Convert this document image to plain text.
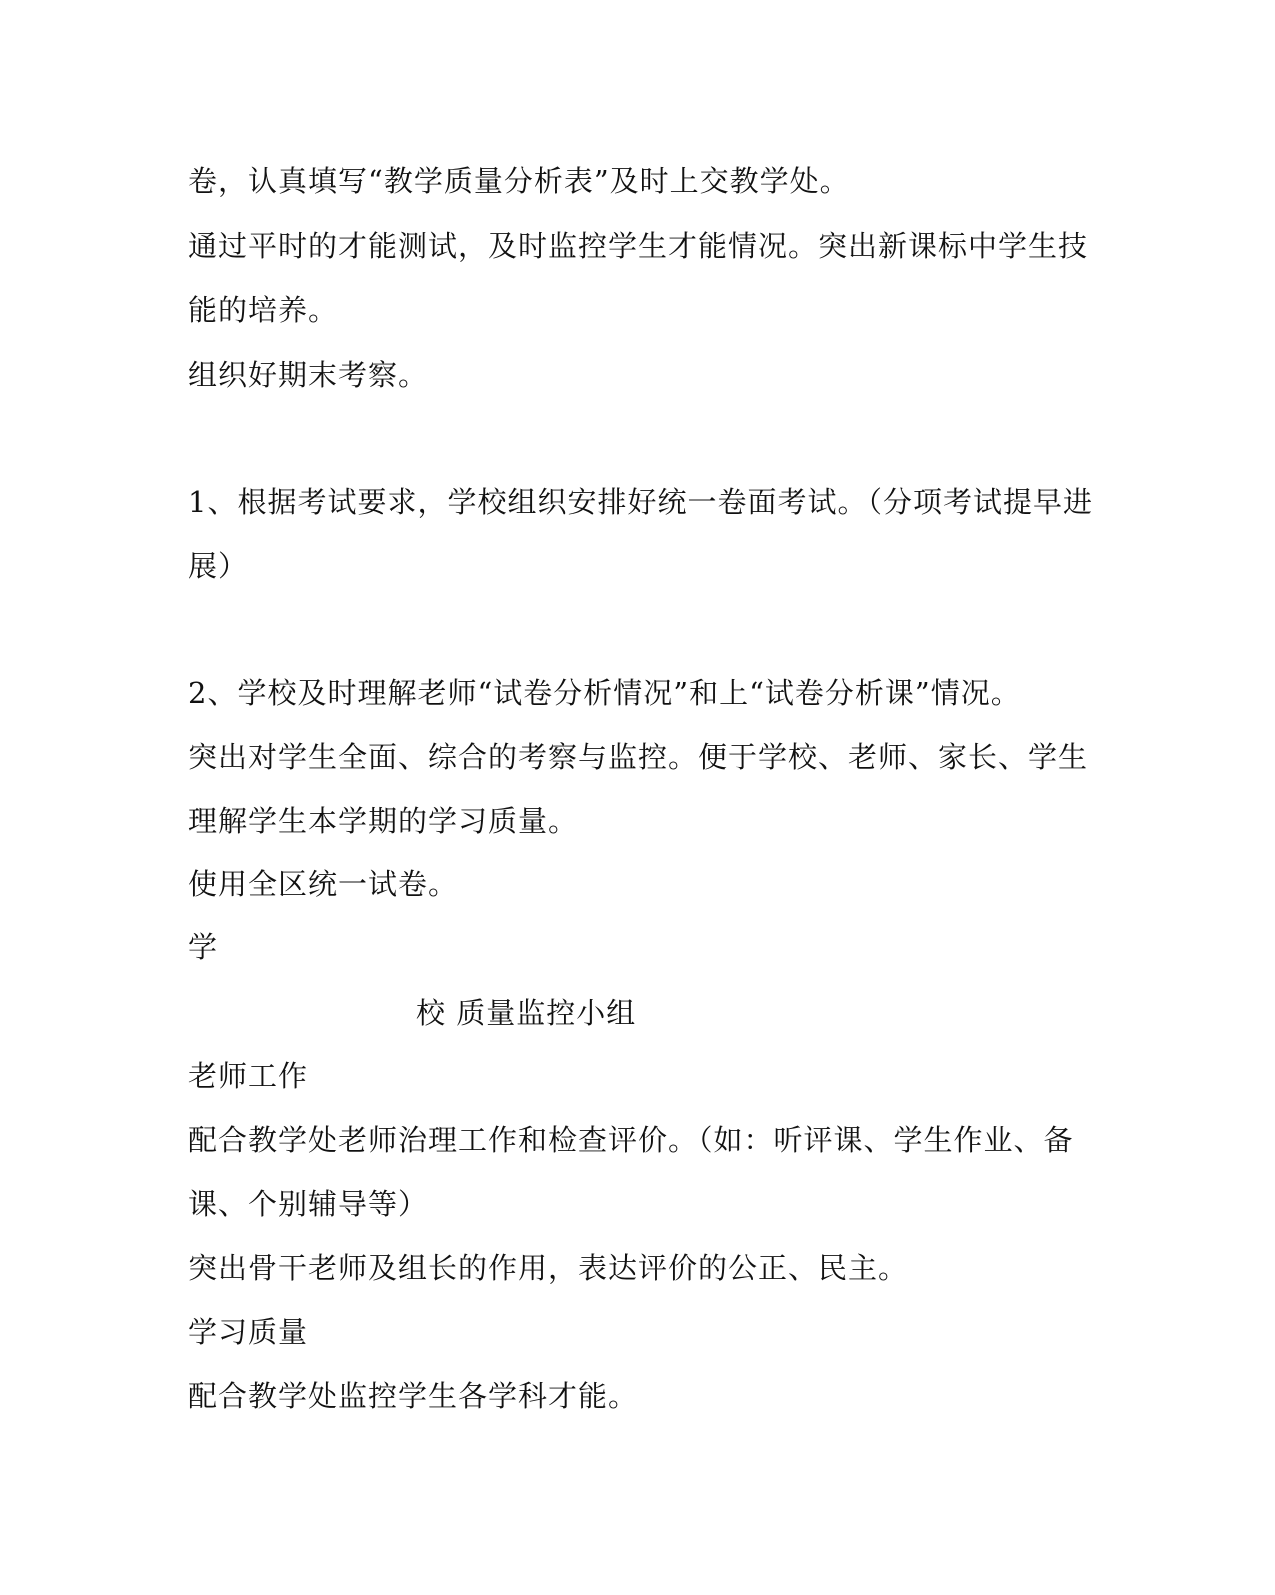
卷，认真填写“教学质量分析表”及时上交教学处。
通过平时的才能测试，及时监控学生才能情况。突出新课标中学生技
能的培养。
组织好期末考察。
1、根据考试要求，学校组织安排好统一卷面考试。（分项考试提早进
展）
2、学校及时理解老师“试卷分析情况”和上“试卷分析课”情况。
突出对学生全面、综合的考察与监控。便于学校、老师、家长、学生
理解学生本学期的学习质量。
使用全区统一试卷。
学
校 质量监控小组
老师工作
配合教学处老师治理工作和检查评价。（如：听评课、学生作业、备
课、个别辅导等）
突出骨干老师及组长的作用，表达评价的公正、民主。
学习质量
配合教学处监控学生各学科才能。
